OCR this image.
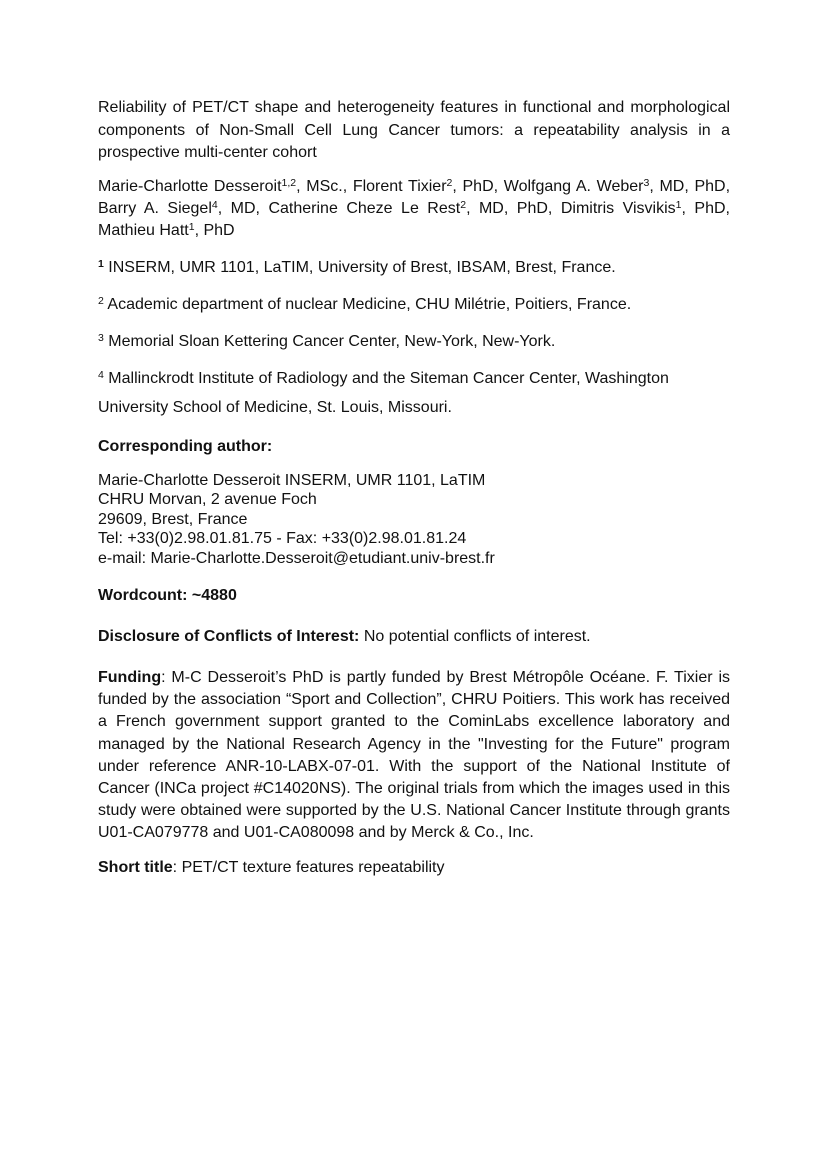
Reliability of PET/CT shape and heterogeneity features in functional and morphological components of Non-Small Cell Lung Cancer tumors: a repeatability analysis in a prospective multi-center cohort

Marie-Charlotte Desseroit$^{1,2}$, MSc., Florent Tixier$^2$, PhD, Wolfgang A. Weber$^3$, MD, PhD, Barry A. Siegel$^4$, MD, Catherine Cheze Le Rest$^2$, MD, PhD, Dimitris Visvikis$^1$, PhD, Mathieu Hatt$^1$, PhD

$^1$ INSERM, UMR 1101, LaTIM, University of Brest, IBSAM, Brest, France.

$^2$ Academic department of nuclear Medicine, CHU Milétrie, Poitiers, France.

$^3$ Memorial Sloan Kettering Cancer Center, New-York, New-York.

$^4$ Mallinckrodt Institute of Radiology and the Siteman Cancer Center, Washington

University School of Medicine, St. Louis, Missouri.

Corresponding author:

Marie-Charlotte Desseroit INSERM, UMR 1101, LaTIM
CHRU Morvan, 2 avenue Foch
29609, Brest, France
Tel: +33(0)2.98.01.81.75 - Fax: +33(0)2.98.01.81.24
e-mail: Marie-Charlotte.Desseroit@etudiant.univ-brest.fr

Wordcount: ~4880

Disclosure of Conflicts of Interest: No potential conflicts of interest.

Funding: M-C Desseroit’s PhD is partly funded by Brest Métropôle Océane. F. Tixier is funded by the association “Sport and Collection”, CHRU Poitiers. This work has received a French government support granted to the CominLabs excellence laboratory and managed by the National Research Agency in the "Investing for the Future" program under reference ANR-10-LABX-07-01. With the support of the National Institute of Cancer (INCa project #C14020NS). The original trials from which the images used in this study were obtained were supported by the U.S. National Cancer Institute through grants U01-CA079778 and U01-CA080098 and by Merck & Co., Inc.

Short title: PET/CT texture features repeatability
